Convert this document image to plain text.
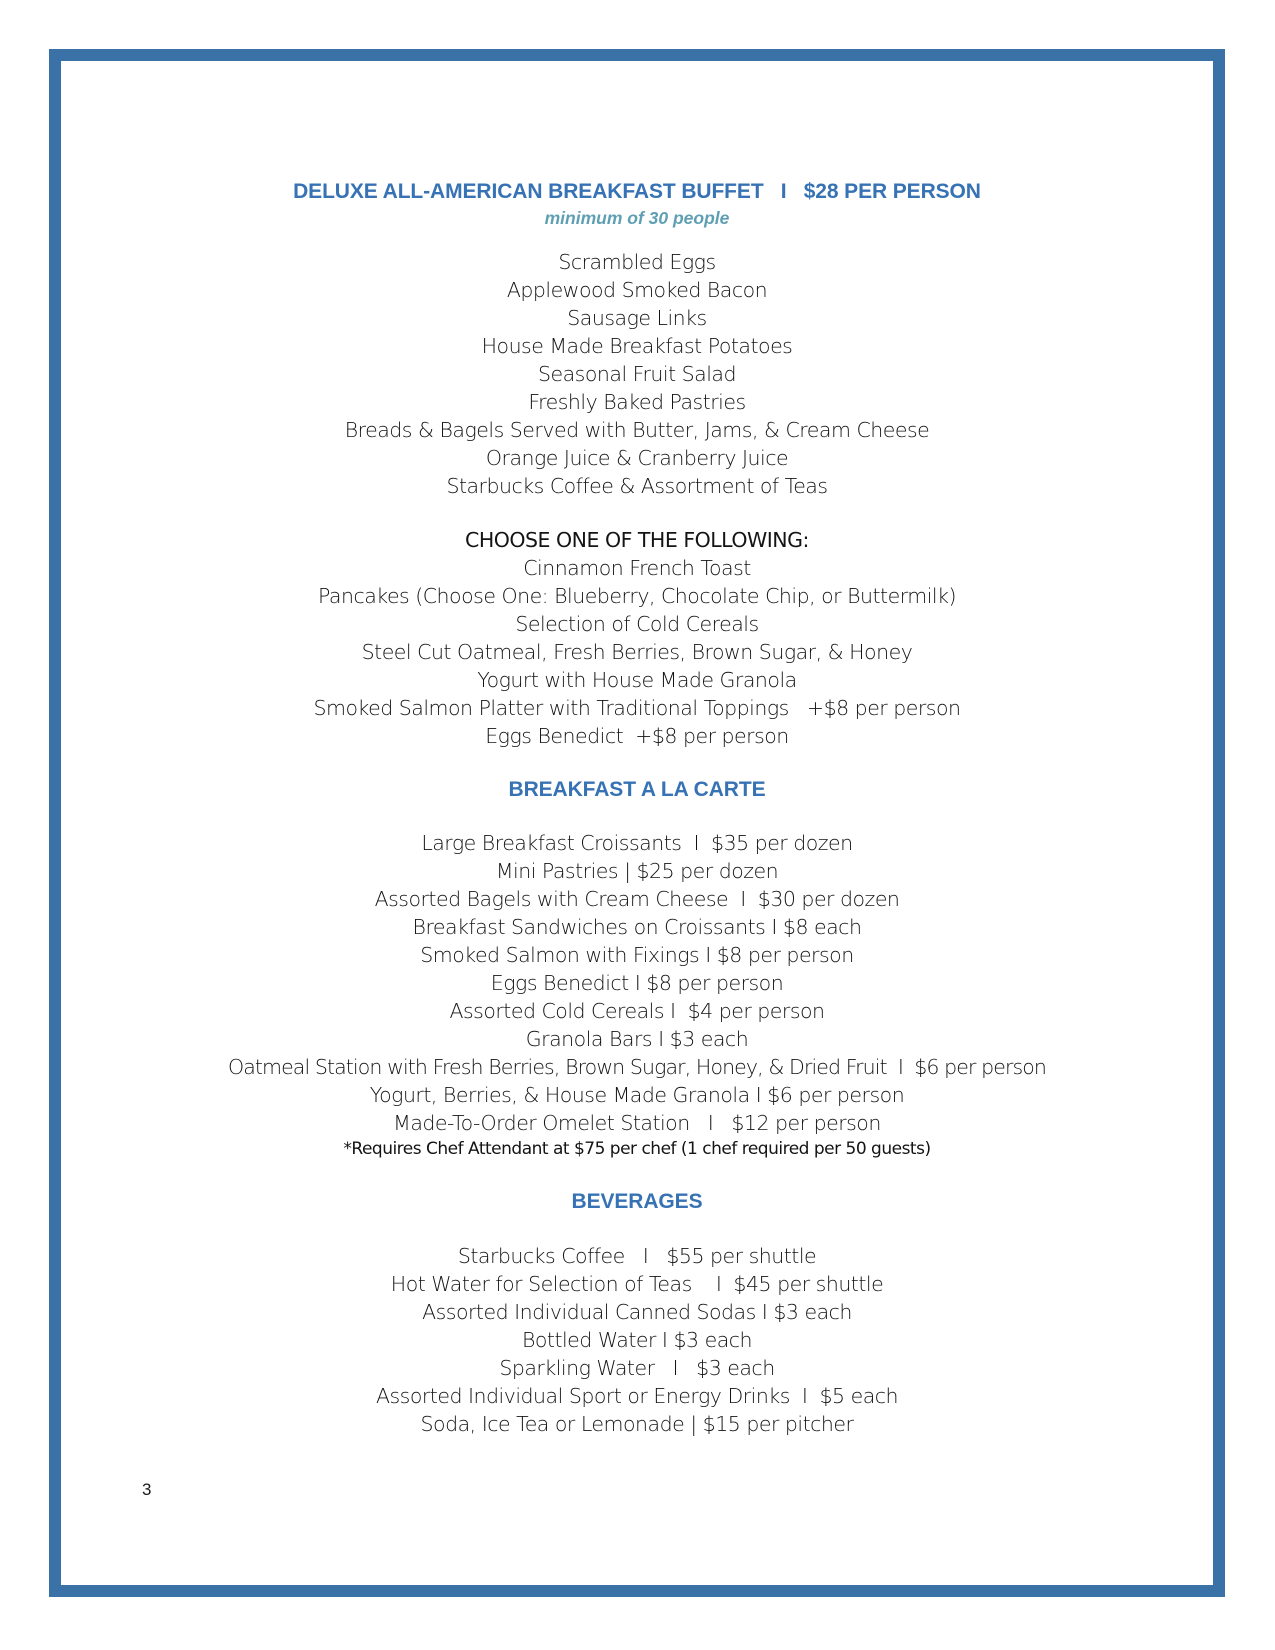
DELUXE ALL-AMERICAN BREAKFAST BUFFET   I   $28 PER PERSON
minimum of 30 people
Scrambled Eggs
Applewood Smoked Bacon
Sausage Links
House Made Breakfast Potatoes
Seasonal Fruit Salad
Freshly Baked Pastries
Breads & Bagels Served with Butter, Jams, & Cream Cheese
Orange Juice & Cranberry Juice
Starbucks Coffee & Assortment of Teas
CHOOSE ONE OF THE FOLLOWING:
Cinnamon French Toast
Pancakes (Choose One: Blueberry, Chocolate Chip, or Buttermilk)
Selection of Cold Cereals
Steel Cut Oatmeal, Fresh Berries, Brown Sugar, & Honey
Yogurt with House Made Granola
Smoked Salmon Platter with Traditional Toppings   +$8 per person
Eggs Benedict  +$8 per person
BREAKFAST A LA CARTE
Large Breakfast Croissants  I  $35 per dozen
Mini Pastries | $25 per dozen
Assorted Bagels with Cream Cheese  I  $30 per dozen
Breakfast Sandwiches on Croissants I $8 each
Smoked Salmon with Fixings I $8 per person
Eggs Benedict I $8 per person
Assorted Cold Cereals I  $4 per person
Granola Bars I $3 each
Oatmeal Station with Fresh Berries, Brown Sugar, Honey, & Dried Fruit  I  $6 per person
Yogurt, Berries, & House Made Granola I $6 per person
Made-To-Order Omelet Station   I   $12 per person
*Requires Chef Attendant at $75 per chef (1 chef required per 50 guests)
BEVERAGES
Starbucks Coffee   I   $55 per shuttle
Hot Water for Selection of Teas    I  $45 per shuttle
Assorted Individual Canned Sodas I $3 each
Bottled Water I $3 each
Sparkling Water   I   $3 each
Assorted Individual Sport or Energy Drinks  I  $5 each
Soda, Ice Tea or Lemonade | $15 per pitcher
3
